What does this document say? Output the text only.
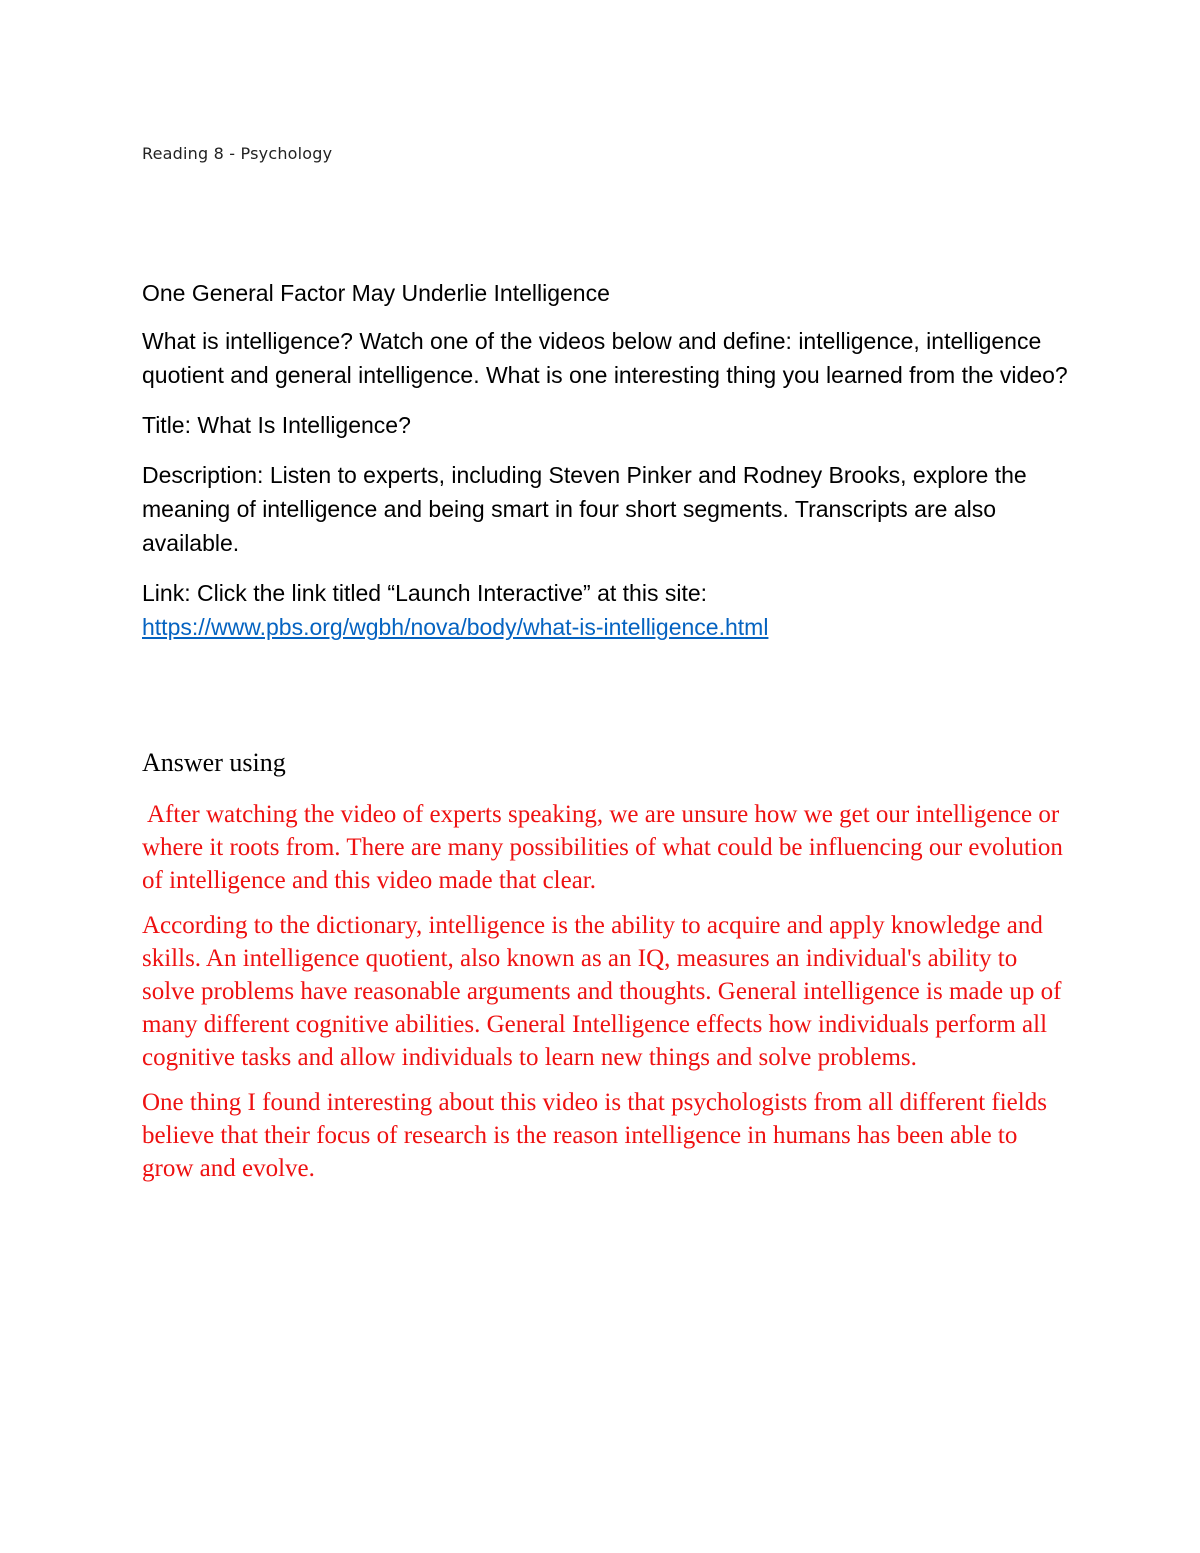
Reading 8 - Psychology

One General Factor May Underlie Intelligence

What is intelligence? Watch one of the videos below and define: intelligence, intelligence quotient and general intelligence. What is one interesting thing you learned from the video?

Title: What Is Intelligence?

Description: Listen to experts, including Steven Pinker and Rodney Brooks, explore the meaning of intelligence and being smart in four short segments. Transcripts are also available.

Link: Click the link titled “Launch Interactive” at this site:
https://www.pbs.org/wgbh/nova/body/what-is-intelligence.html

Answer using

After watching the video of experts speaking, we are unsure how we get our intelligence or where it roots from. There are many possibilities of what could be influencing our evolution of intelligence and this video made that clear.

According to the dictionary, intelligence is the ability to acquire and apply knowledge and skills. An intelligence quotient, also known as an IQ, measures an individual's ability to solve problems have reasonable arguments and thoughts. General intelligence is made up of many different cognitive abilities. General Intelligence effects how individuals perform all cognitive tasks and allow individuals to learn new things and solve problems.

One thing I found interesting about this video is that psychologists from all different fields believe that their focus of research is the reason intelligence in humans has been able to grow and evolve.
